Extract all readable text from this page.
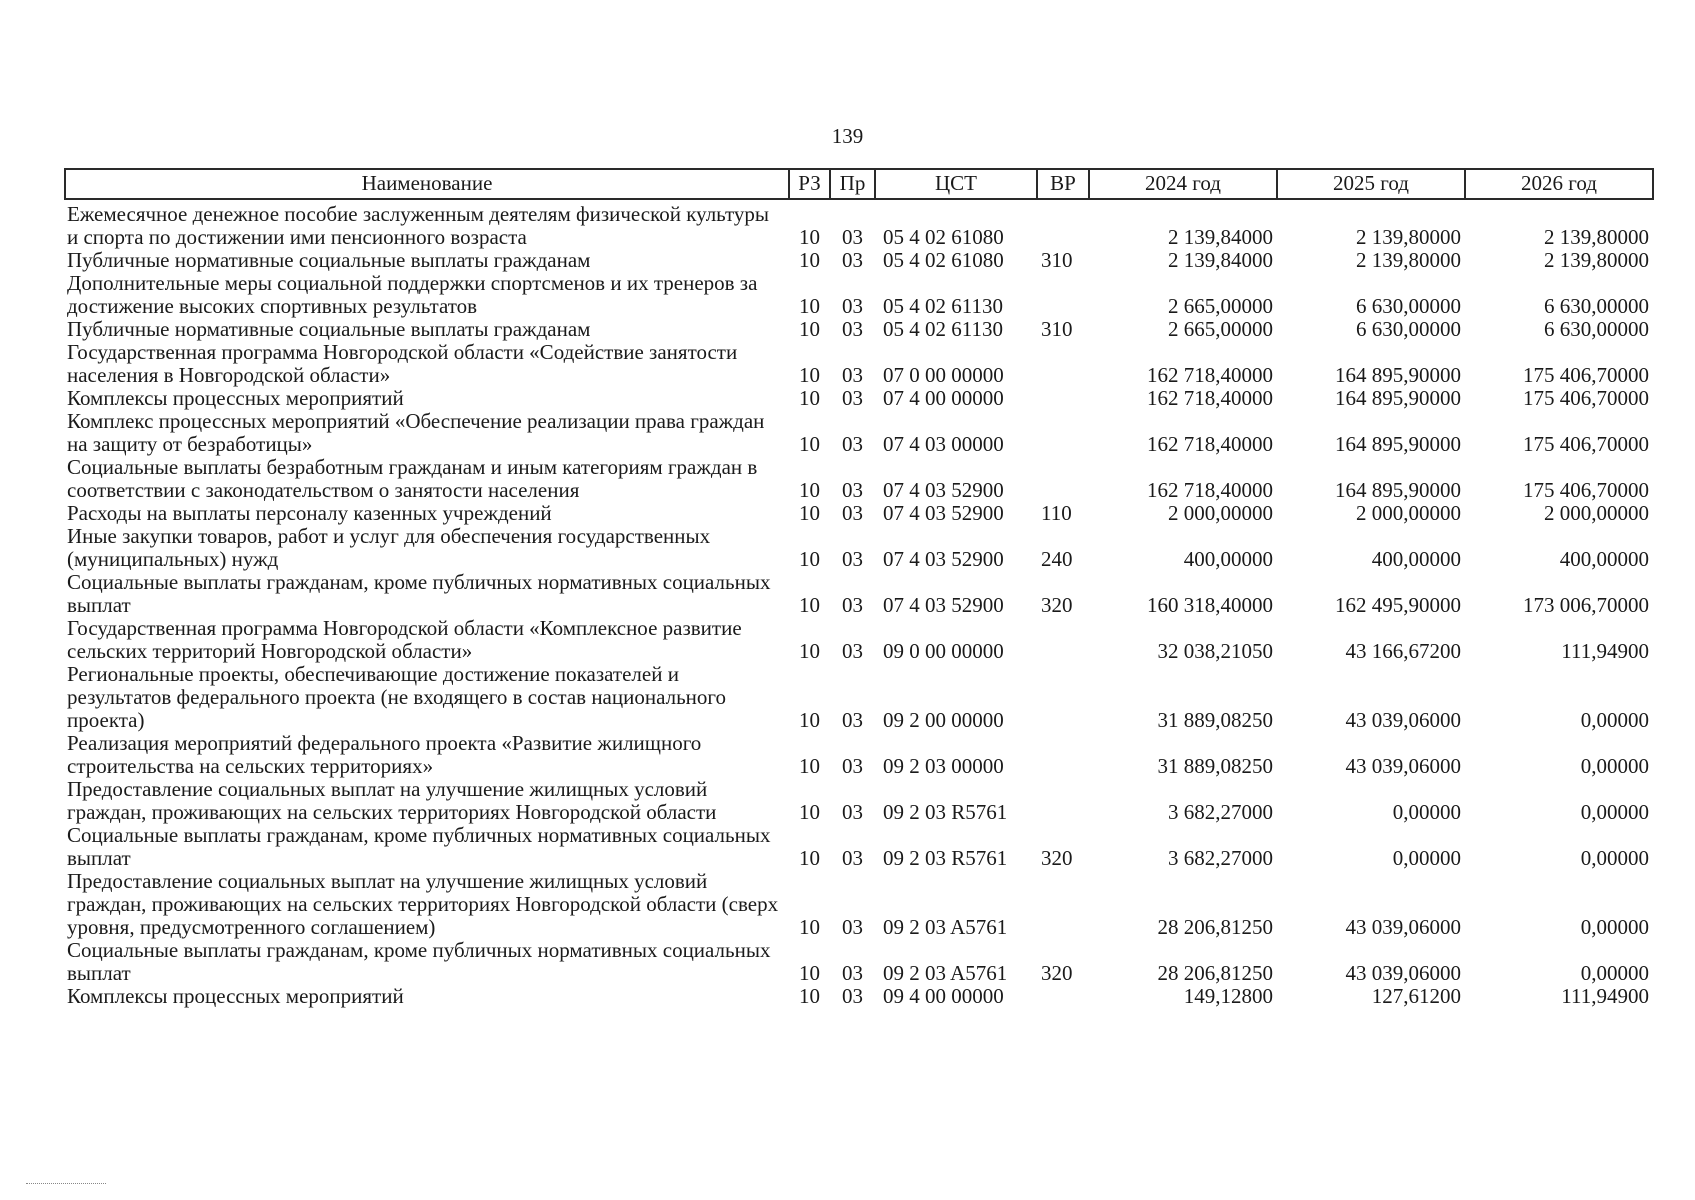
139
Наименование	РЗ	Пр	ЦСТ	ВР	2024 год	2025 год	2026 год
Ежемесячное денежное пособие заслуженным деятелям физической культуры и спорта по достижении ими пенсионного возраста	10	03	05 4 02 61080		2 139,84000	2 139,80000	2 139,80000
Публичные нормативные социальные выплаты гражданам	10	03	05 4 02 61080	310	2 139,84000	2 139,80000	2 139,80000
Дополнительные меры социальной поддержки спортсменов и их тренеров за достижение высоких спортивных результатов	10	03	05 4 02 61130		2 665,00000	6 630,00000	6 630,00000
Публичные нормативные социальные выплаты гражданам	10	03	05 4 02 61130	310	2 665,00000	6 630,00000	6 630,00000
Государственная программа Новгородской области «Содействие занятости населения в Новгородской области»	10	03	07 0 00 00000		162 718,40000	164 895,90000	175 406,70000
Комплексы процессных мероприятий	10	03	07 4 00 00000		162 718,40000	164 895,90000	175 406,70000
Комплекс процессных мероприятий «Обеспечение реализации права граждан на защиту от безработицы»	10	03	07 4 03 00000		162 718,40000	164 895,90000	175 406,70000
Социальные выплаты безработным гражданам и иным категориям граждан в соответствии с законодательством о занятости населения	10	03	07 4 03 52900		162 718,40000	164 895,90000	175 406,70000
Расходы на выплаты персоналу казенных учреждений	10	03	07 4 03 52900	110	2 000,00000	2 000,00000	2 000,00000
Иные закупки товаров, работ и услуг для обеспечения государственных (муниципальных) нужд	10	03	07 4 03 52900	240	400,00000	400,00000	400,00000
Социальные выплаты гражданам, кроме публичных нормативных социальных выплат	10	03	07 4 03 52900	320	160 318,40000	162 495,90000	173 006,70000
Государственная программа Новгородской области «Комплексное развитие сельских территорий Новгородской области»	10	03	09 0 00 00000		32 038,21050	43 166,67200	111,94900
Региональные проекты, обеспечивающие достижение показателей и результатов федерального проекта (не входящего в состав национального проекта)	10	03	09 2 00 00000		31 889,08250	43 039,06000	0,00000
Реализация мероприятий федерального проекта «Развитие жилищного строительства на сельских территориях»	10	03	09 2 03 00000		31 889,08250	43 039,06000	0,00000
Предоставление социальных выплат на улучшение жилищных условий граждан, проживающих на сельских территориях Новгородской области	10	03	09 2 03 R5761		3 682,27000	0,00000	0,00000
Социальные выплаты гражданам, кроме публичных нормативных социальных выплат	10	03	09 2 03 R5761	320	3 682,27000	0,00000	0,00000
Предоставление социальных выплат на улучшение жилищных условий граждан, проживающих на сельских территориях Новгородской области (сверх уровня, предусмотренного соглашением)	10	03	09 2 03 A5761		28 206,81250	43 039,06000	0,00000
Социальные выплаты гражданам, кроме публичных нормативных социальных выплат	10	03	09 2 03 A5761	320	28 206,81250	43 039,06000	0,00000
Комплексы процессных мероприятий	10	03	09 4 00 00000		149,12800	127,61200	111,94900
